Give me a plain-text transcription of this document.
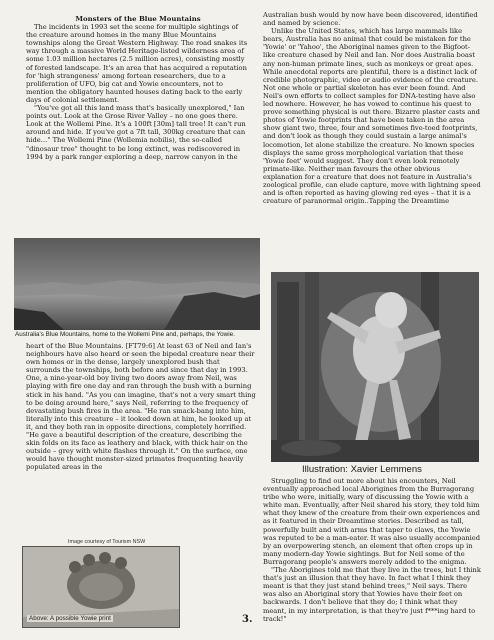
Monsters of the Blue Mountains

The incidents in 1993 set the scene for multiple sightings of the creature around homes in the many Blue Mountains townships along the Great Western Highway. The road snakes its way through a massive World Heritage-listed wilderness area of some 1.03 million hectares (2.5 million acres), consisting mostly of forested landscape. It's an area that has acquired a reputation for 'high strangeness' among fortean researchers, due to a proliferation of UFO, big cat and Yowie encounters, not to mention the obligatory haunted houses dating back to the early days of colonial settlement.

"You've got all this land mass that's basically unexplored," Ian points out. Look at the Grose River Valley – no one goes there. Look at the Wollemi Pine. It's a 100ft [30m] tall tree! It can't run around and hide. If you've got a 7ft tall, 300kg creature that can hide…" The Wollemi Pine (Wollemia nobilis), the so-called "dinosaur tree" thought to be long extinct, was rediscovered in 1994 by a park ranger exploring a deep, narrow canyon in the

Australia's Blue Mountains, home to the Wollemi Pine and, perhaps, the Yowie.

heart of the Blue Mountains. [FT79:6] At least 63 of Neil and Ian's neighbours have also heard or seen the bipedal creature near their own homes or in the dense, largely unexplored bush that surrounds the townships, both before and since that day in 1993. One, a nine-year-old boy living two doors away from Neil, was playing with fire one day and ran through the bush with a burning stick in his hand. "As you can imagine, that's not a very smart thing to be doing around here," says Neil, referring to the frequency of devastating bush fires in the area. "He ran smack-bang into him, literally into this creature – it looked down at him, he looked up at it, and they both ran in opposite directions, completely horrified. "He gave a beautiful description of the creature, describing the skin folds on its face as leathery and black, with thick hair on the outside – grey with white flashes through it." On the surface, one would have thought monster-sized primates frequenting heavily populated areas in the

Image courtesy of Tourism NSW
Above: A possible Yowie print

Australian bush would by now have been discovered, identified and named by science.

Unlike the United States, which has large mammals like bears, Australia has no animal that could be mistaken for the 'Yowie' or 'Yahoo', the Aboriginal names given to the Bigfoot-like creature chased by Neil and Ian. Nor does Australia boast any non-human primate lines, such as monkeys or great apes. While anecdotal reports are plentiful, there is a distinct lack of credible photographic, video or audio evidence of the creature. Not one whole or partial skeleton has ever been found. And Neil's own efforts to collect samples for DNA-testing have also led nowhere. However, he has vowed to continue his quest to prove something physical is out there. Bizarre plaster casts and photos of Yowie footprints that have been taken in the area show giant two, three, four and sometimes five-toed footprints, and don't look as though they could sustain a large animal's locomotion, let alone stabilize the creature. No known species displays the same gross morphological variation that these 'Yowie feet' would suggest. They don't even look remotely primate-like. Neither man favours the other obvious explanation for a creature that does not feature in Australia's zoological profile, can elude capture, move with lightning speed and is often reported as having glowing red eyes – that it is a creature of paranormal origin..Tapping the Dreamtime

Illustration: Xavier Lemmens

Struggling to find out more about his encounters, Neil eventually approached local Aborigines from the Burragorang tribe who were, initially, wary of discussing the Yowie with a white man. Eventually, after Neil shared his story, they told him what they knew of the creature from their own experiences and as it featured in their Dreamtime stories. Described as tall, powerfully built and with arms that taper to claws, the Yowie was reputed to be a man-eater. It was also usually accompanied by an overpowering stench, an element that often crops up in many modern-day Yowie sightings. But for Neil some of the Burragorang people's answers merely added to the enigma.

"The Aborigines told me that they live in the trees, but I think that's just an illusion that they have. In fact what I think they meant is that they just stand behind trees," Neil says. There was also an Aboriginal story that Yowies have their feet on backwards. I don't believe that they do; I think what they meant, in my interpretation, is that they're just f***ing hard to track!"

3.
